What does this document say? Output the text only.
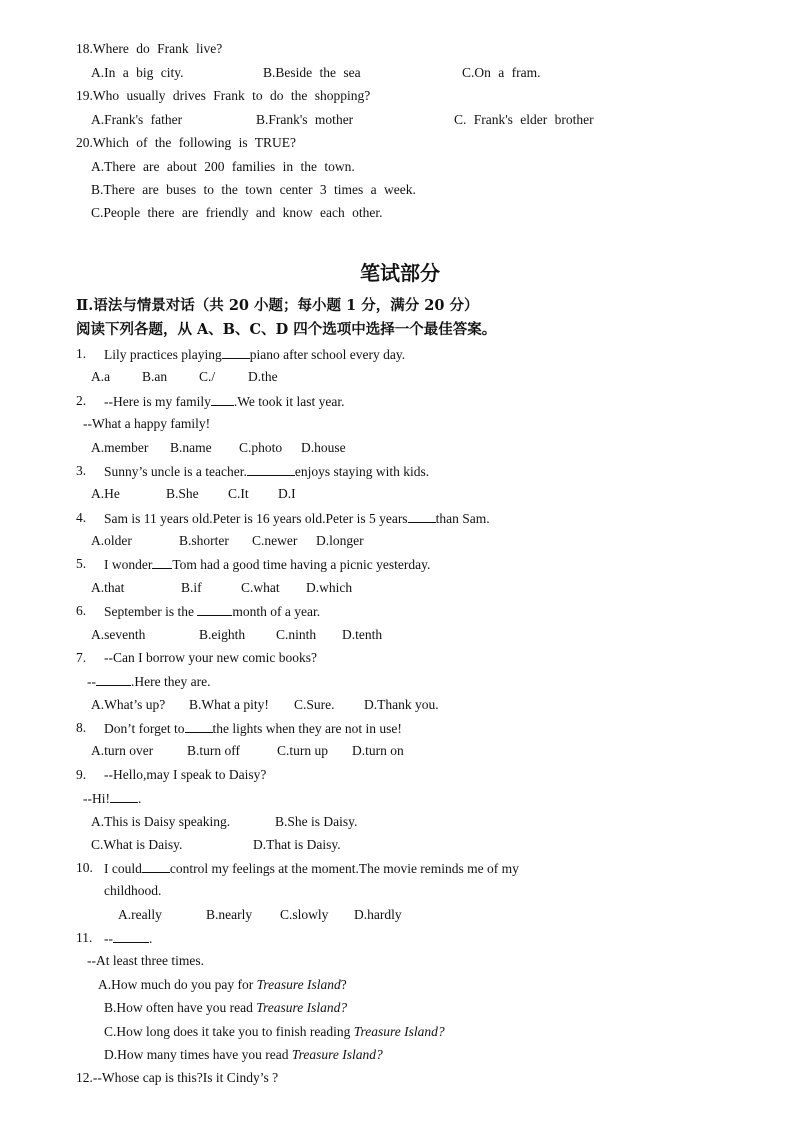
18.Where do Frank live?
A.In a big city.	B.Beside the sea	C.On a fram.
19.Who usually drives Frank to do the shopping?
A.Frank's father	B.Frank's mother	C. Frank's elder brother
20.Which of the following is TRUE?
A.There are about 200 families in the town.
B.There are buses to the town center 3 times a week.
C.People there are friendly and know each other.
笔试部分
Ⅱ.语法与情景对话（共 20 小题；每小题 1 分，满分 20 分）
阅读下列各题，从 A、B、C、D 四个选项中选择一个最佳答案。
1. Lily practices playing piano after school every day.
A.a B.an C./ D.the
2. --Here is my family .We took it last year.
--What a happy family!
A.member B.name C.photo D.house
3. Sunny’s uncle is a teacher.	enjoys staying with kids.
A.He	B.She C.It D.I
4. Sam is 11 years old.Peter is 16 years old.Peter is 5 years than Sam.
A.older	B.shorter C.newer D.longer
5. I wonder Tom had a good time having a picnic yesterday.
A.that	B.if	C.what D.which
6. September is the	month of a year.
A.seventh	B.eighth C.ninth D.tenth
7. --Can I borrow your new comic books?
--	.Here they are.
A.What’s up? B.What a pity! C.Sure. D.Thank you.
8. Don’t forget to the lights when they are not in use!
A.turn over	B.turn off	C.turn up D.turn on
9. --Hello,may I speak to Daisy?
--Hi! .
A.This is Daisy speaking.	B.She is Daisy.
C.What is Daisy.	D.That is Daisy.
10. I could control my feelings at the moment.The movie reminds me of my
childhood.
A.really	B.nearly C.slowly D.hardly
11. --	.
--At least three times.
A.How much do you pay for Treasure Island?
B.How often have you read Treasure Island?
C.How long does it take you to finish reading Treasure Island?
D.How many times have you read Treasure Island?
12.--Whose cap is this?Is it Cindy’s ?
